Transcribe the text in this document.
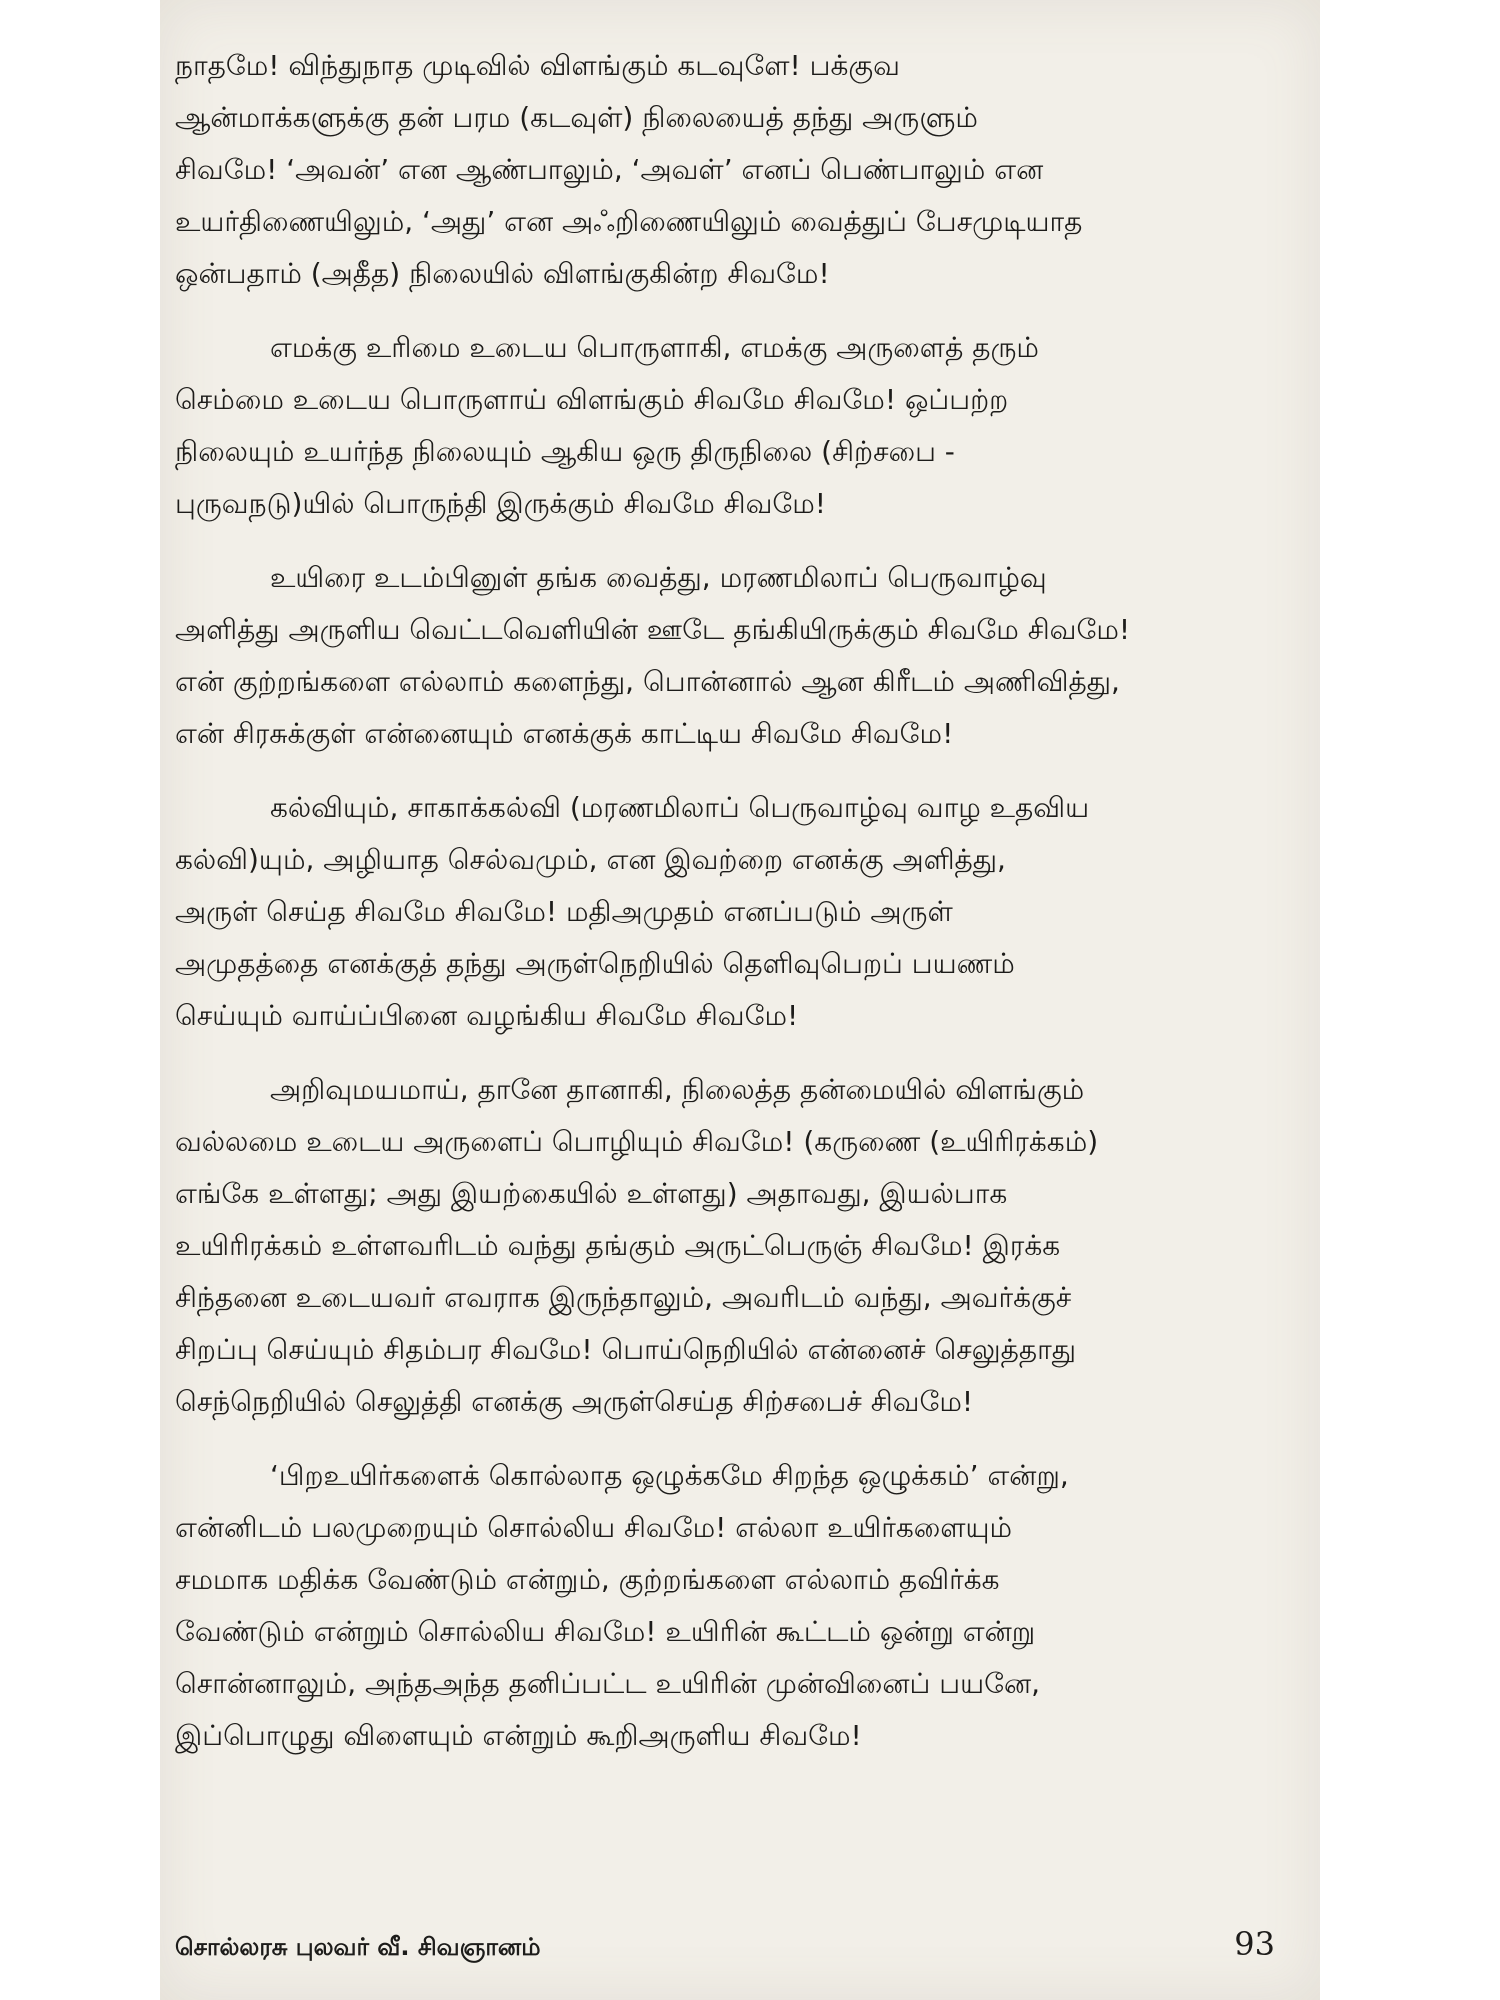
நாதமே! விந்துநாத முடிவில் விளங்கும் கடவுளே! பக்குவ
ஆன்மாக்களுக்கு தன் பரம (கடவுள்) நிலையைத் தந்து அருளும்
சிவமே! ‘அவன்’ என ஆண்பாலும், ‘அவள்’ எனப் பெண்பாலும் என
உயர்திணையிலும், ‘அது’ என அஃறிணையிலும் வைத்துப் பேசமுடியாத
ஒன்பதாம் (அதீத) நிலையில் விளங்குகின்ற சிவமே!

எமக்கு உரிமை உடைய பொருளாகி, எமக்கு அருளைத் தரும்
செம்மை உடைய பொருளாய் விளங்கும் சிவமே சிவமே! ஒப்பற்ற
நிலையும் உயர்ந்த நிலையும் ஆகிய ஒரு திருநிலை (சிற்சபை -
புருவநடு)யில் பொருந்தி இருக்கும் சிவமே சிவமே!

உயிரை உடம்பினுள் தங்க வைத்து, மரணமிலாப் பெருவாழ்வு
அளித்து அருளிய வெட்டவெளியின் ஊடே தங்கியிருக்கும் சிவமே சிவமே!
என் குற்றங்களை எல்லாம் களைந்து, பொன்னால் ஆன கிரீடம் அணிவித்து,
என் சிரசுக்குள் என்னையும் எனக்குக் காட்டிய சிவமே சிவமே!

கல்வியும், சாகாக்கல்வி (மரணமிலாப் பெருவாழ்வு வாழ உதவிய
கல்வி)யும், அழியாத செல்வமும், என இவற்றை எனக்கு அளித்து,
அருள் செய்த சிவமே சிவமே! மதிஅமுதம் எனப்படும் அருள்
அமுதத்தை எனக்குத் தந்து அருள்நெறியில் தெளிவுபெறப் பயணம்
செய்யும் வாய்ப்பினை வழங்கிய சிவமே சிவமே!

அறிவுமயமாய், தானே தானாகி, நிலைத்த தன்மையில் விளங்கும்
வல்லமை உடைய அருளைப் பொழியும் சிவமே! (கருணை (உயிரிரக்கம்)
எங்கே உள்ளது; அது இயற்கையில் உள்ளது) அதாவது, இயல்பாக
உயிரிரக்கம் உள்ளவரிடம் வந்து தங்கும் அருட்பெருஞ் சிவமே! இரக்க
சிந்தனை உடையவர் எவராக இருந்தாலும், அவரிடம் வந்து, அவர்க்குச்
சிறப்பு செய்யும் சிதம்பர சிவமே! பொய்நெறியில் என்னைச் செலுத்தாது
செந்நெறியில் செலுத்தி எனக்கு அருள்செய்த சிற்சபைச் சிவமே!

‘பிறஉயிர்களைக் கொல்லாத ஒழுக்கமே சிறந்த ஒழுக்கம்’ என்று,
என்னிடம் பலமுறையும் சொல்லிய சிவமே! எல்லா உயிர்களையும்
சமமாக மதிக்க வேண்டும் என்றும், குற்றங்களை எல்லாம் தவிர்க்க
வேண்டும் என்றும் சொல்லிய சிவமே! உயிரின் கூட்டம் ஒன்று என்று
சொன்னாலும், அந்தஅந்த தனிப்பட்ட உயிரின் முன்வினைப் பயனே,
இப்பொழுது விளையும் என்றும் கூறிஅருளிய சிவமே!

சொல்லரசு புலவர் வீ. சிவஞானம்	93
